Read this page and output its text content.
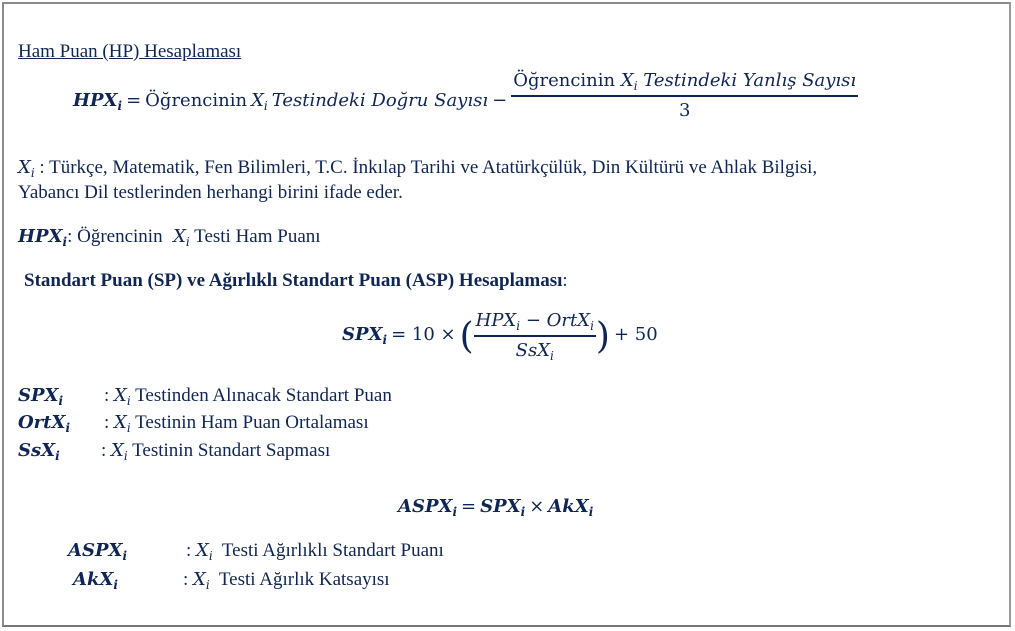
Ham Puan (HP) Hesaplaması
$HPX_i$ = Öğrencinin $X_i$ Testindeki Doğru Sayısı − $\frac{Öğrencinin X_i Testindeki Yanlış Sayısı}{3}$
$X_i$ : Türkçe, Matematik, Fen Bilimleri, T.C. İnkılap Tarihi ve Atatürkçülük, Din Kültürü ve Ahlak Bilgisi,
Yabancı Dil testlerinden herhangi birini ifade eder.
$HPX_i$: Öğrencinin $X_i$ Testi Ham Puanı
Standart Puan (SP) ve Ağırlıklı Standart Puan (ASP) Hesaplaması:
$SPX_i = 10$ × ( $\frac{HPX_i - OrtX_i}{SsX_i}$ ) + 50
$SPX_i$ : $X_i$ Testinden Alınacak Standart Puan
OrtX$_i$ : $X_i$ Testinin Ham Puan Ortalaması
SsX$_i$ : $X_i$ Testinin Standart Sapması
$ASPX_i = SPX_i \times AkX_i$
$ASPX_i$	: $X_i$ Testi Ağırlıklı Standart Puanı
AkX$_i$	: $X_i$ Testi Ağırlık Katsayısı
